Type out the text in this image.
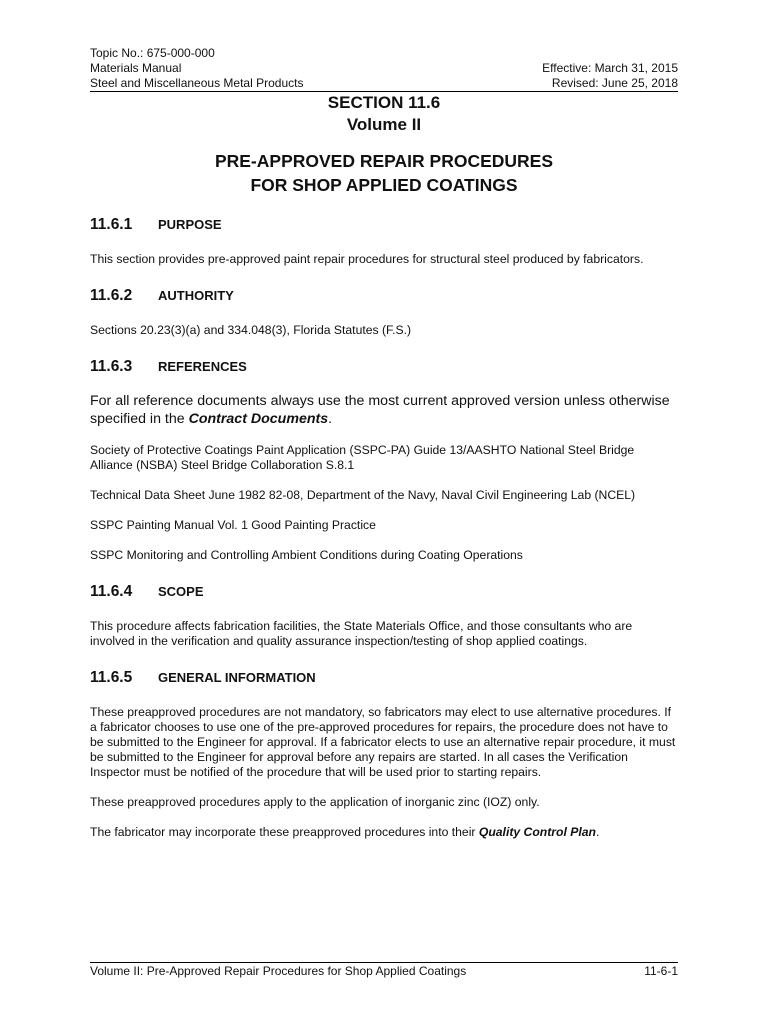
Topic No.: 675-000-000
Materials Manual
Steel and Miscellaneous Metal Products

Effective: March 31, 2015
Revised: June 25, 2018
SECTION 11.6
Volume II
PRE-APPROVED REPAIR PROCEDURES
FOR SHOP APPLIED COATINGS
11.6.1	PURPOSE

This section provides pre-approved paint repair procedures for structural steel produced by fabricators.

11.6.2	AUTHORITY

Sections 20.23(3)(a) and 334.048(3), Florida Statutes (F.S.)

11.6.3	REFERENCES

For all reference documents always use the most current approved version unless otherwise specified in the Contract Documents.

Society of Protective Coatings Paint Application (SSPC-PA) Guide 13/AASHTO National Steel Bridge Alliance (NSBA) Steel Bridge Collaboration S.8.1

Technical Data Sheet June 1982 82-08, Department of the Navy, Naval Civil Engineering Lab (NCEL)

SSPC Painting Manual Vol. 1 Good Painting Practice

SSPC Monitoring and Controlling Ambient Conditions during Coating Operations

11.6.4	SCOPE

This procedure affects fabrication facilities, the State Materials Office, and those consultants who are involved in the verification and quality assurance inspection/testing of shop applied coatings.

11.6.5	GENERAL INFORMATION

These preapproved procedures are not mandatory, so fabricators may elect to use alternative procedures. If a fabricator chooses to use one of the pre-approved procedures for repairs, the procedure does not have to be submitted to the Engineer for approval. If a fabricator elects to use an alternative repair procedure, it must be submitted to the Engineer for approval before any repairs are started. In all cases the Verification Inspector must be notified of the procedure that will be used prior to starting repairs.

These preapproved procedures apply to the application of inorganic zinc (IOZ) only.

The fabricator may incorporate these preapproved procedures into their Quality Control Plan.

Volume II: Pre-Approved Repair Procedures for Shop Applied Coatings	11-6-1
